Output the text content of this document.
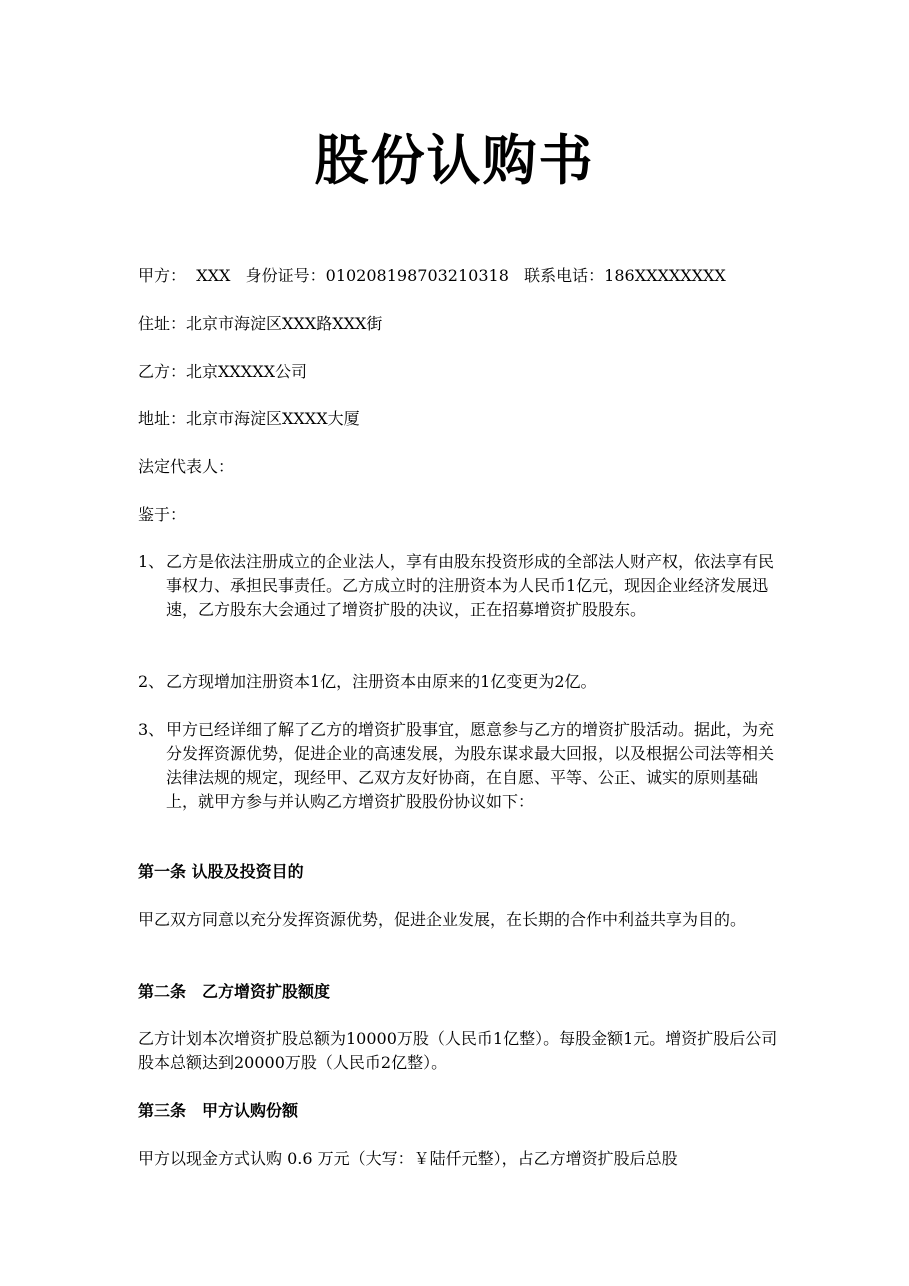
股份认购书
甲方： XXX 身份证号：010208198703210318 联系电话：186XXXXXXXX
住址：北京市海淀区XXX路XXX街
乙方：北京XXXXX公司
地址：北京市海淀区XXXX大厦
法定代表人：
鉴于：
1、 乙方是依法注册成立的企业法人，享有由股东投资形成的全部法人财产权，依法享有民事权力、承担民事责任。乙方成立时的注册资本为人民币1亿元，现因企业经济发展迅速，乙方股东大会通过了增资扩股的决议，正在招募增资扩股股东。
2、 乙方现增加注册资本1亿，注册资本由原来的1亿变更为2亿。
3、 甲方已经详细了解了乙方的增资扩股事宜，愿意参与乙方的增资扩股活动。据此，为充分发挥资源优势，促进企业的高速发展，为股东谋求最大回报，以及根据公司法等相关法律法规的规定，现经甲、乙双方友好协商，在自愿、平等、公正、诚实的原则基础上，就甲方参与并认购乙方增资扩股股份协议如下：
第一条 认股及投资目的
甲乙双方同意以充分发挥资源优势，促进企业发展，在长期的合作中利益共享为目的。
第二条　乙方增资扩股额度
乙方计划本次增资扩股总额为10000万股（人民币1亿整）。每股金额1元。增资扩股后公司股本总额达到20000万股（人民币2亿整）。
第三条　甲方认购份额
甲方以现金方式认购 0.6 万元（大写：￥陆仟元整），占乙方增资扩股后总股
